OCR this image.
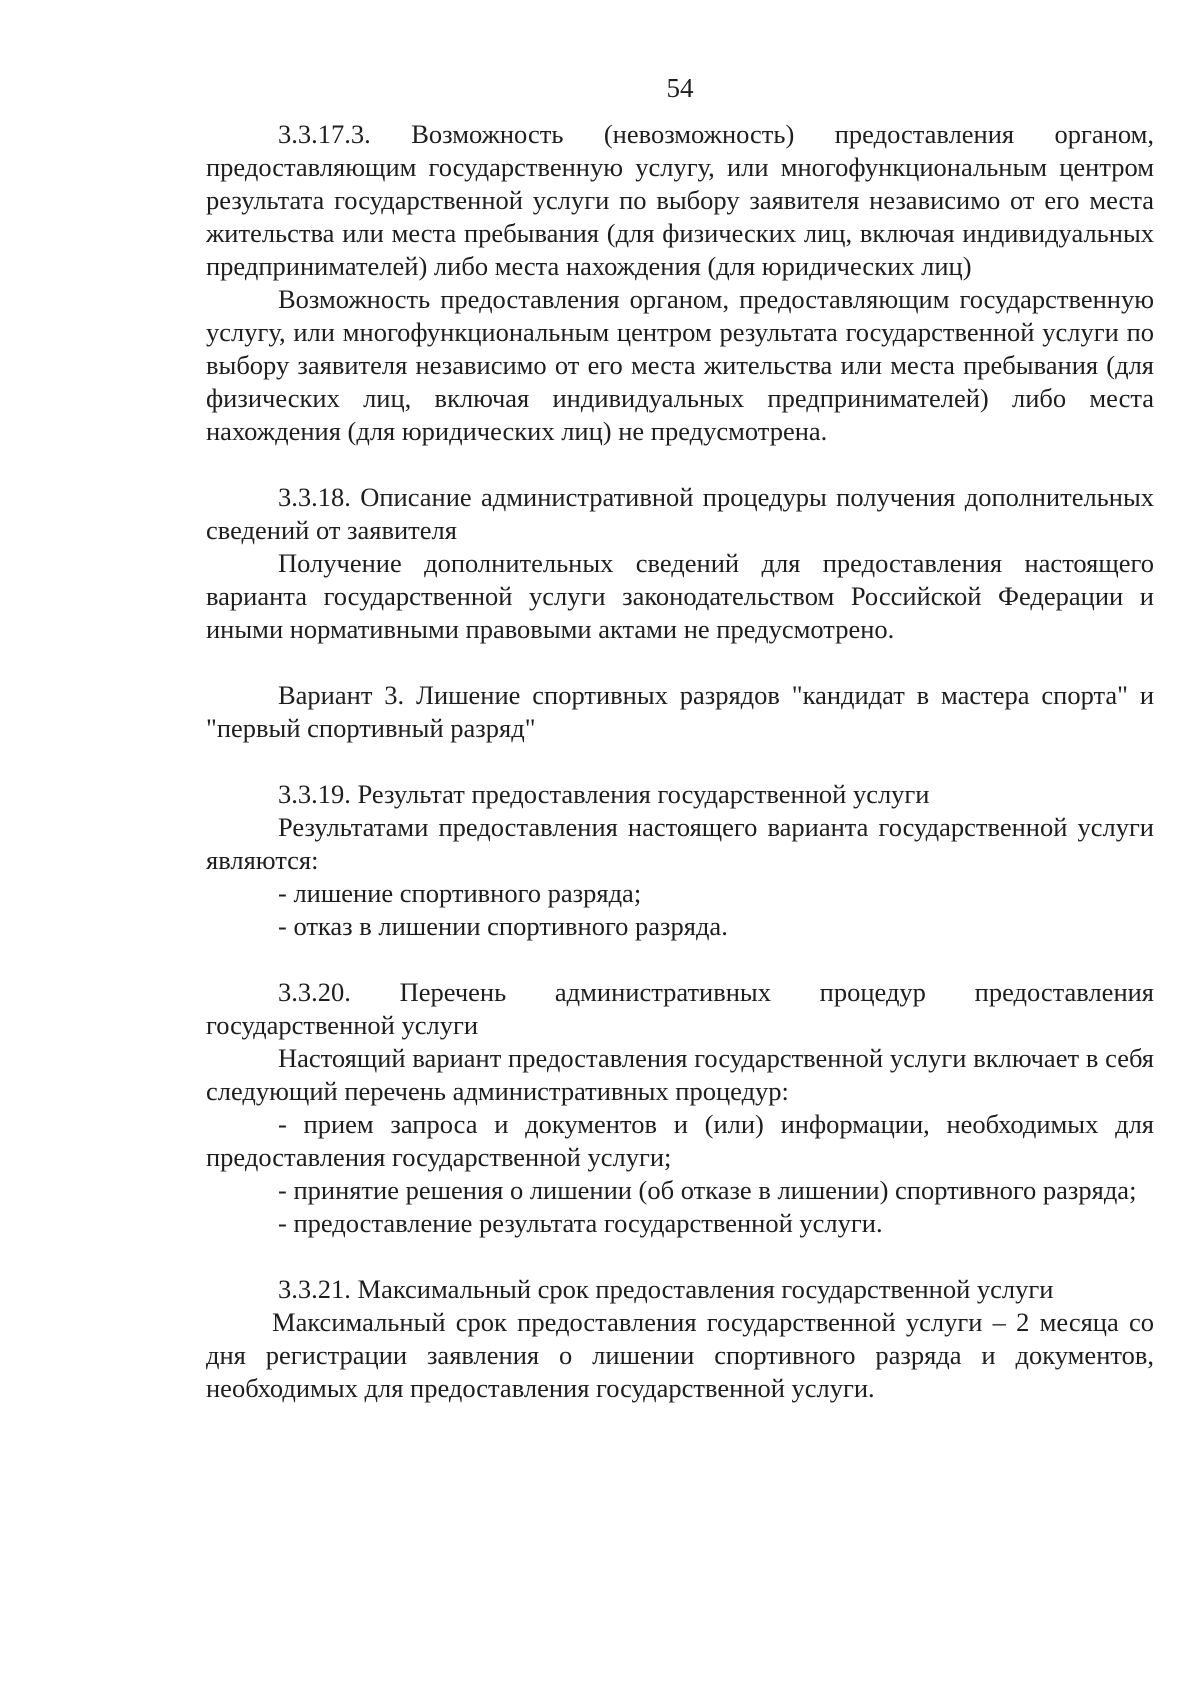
54

3.3.17.3. Возможность (невозможность) предоставления органом, предоставляющим государственную услугу, или многофункциональным центром результата государственной услуги по выбору заявителя независимо от его места жительства или места пребывания (для физических лиц, включая индивидуальных предпринимателей) либо места нахождения (для юридических лиц)

Возможность предоставления органом, предоставляющим государственную услугу, или многофункциональным центром результата государственной услуги по выбору заявителя независимо от его места жительства или места пребывания (для физических лиц, включая индивидуальных предпринимателей) либо места нахождения (для юридических лиц) не предусмотрена.

3.3.18. Описание административной процедуры получения дополнительных сведений от заявителя

Получение дополнительных сведений для предоставления настоящего варианта государственной услуги законодательством Российской Федерации и иными нормативными правовыми актами не предусмотрено.

Вариант 3. Лишение спортивных разрядов "кандидат в мастера спорта" и "первый спортивный разряд"

3.3.19. Результат предоставления государственной услуги

Результатами предоставления настоящего варианта государственной услуги являются:

- лишение спортивного разряда;

- отказ в лишении спортивного разряда.

3.3.20. Перечень административных процедур предоставления государственной услуги

Настоящий вариант предоставления государственной услуги включает в себя следующий перечень административных процедур:

- прием запроса и документов и (или) информации, необходимых для предоставления государственной услуги;

- принятие решения о лишении (об отказе в лишении) спортивного разряда;

- предоставление результата государственной услуги.

3.3.21. Максимальный срок предоставления государственной услуги

Максимальный срок предоставления государственной услуги – 2 месяца со дня регистрации заявления о лишении спортивного разряда и документов, необходимых для предоставления государственной услуги.
